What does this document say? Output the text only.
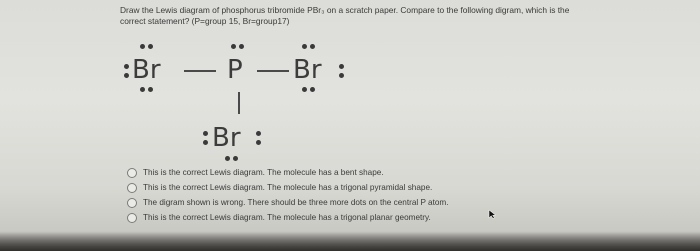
Draw the Lewis diagram of phosphorus tribromide PBr₃ on a scratch paper. Compare to the following digram, which is the
correct statement? (P=group 15, Br=group17)
Br	P Br
Br
This is the correct Lewis diagram. The molecule has a bent shape.
This is the correct Lewis diagram. The molecule has a trigonal pyramidal shape.
The digram shown is wrong. There should be three more dots on the central P atom.
This is the correct Lewis diagram. The molecule has a trigonal planar geometry.
